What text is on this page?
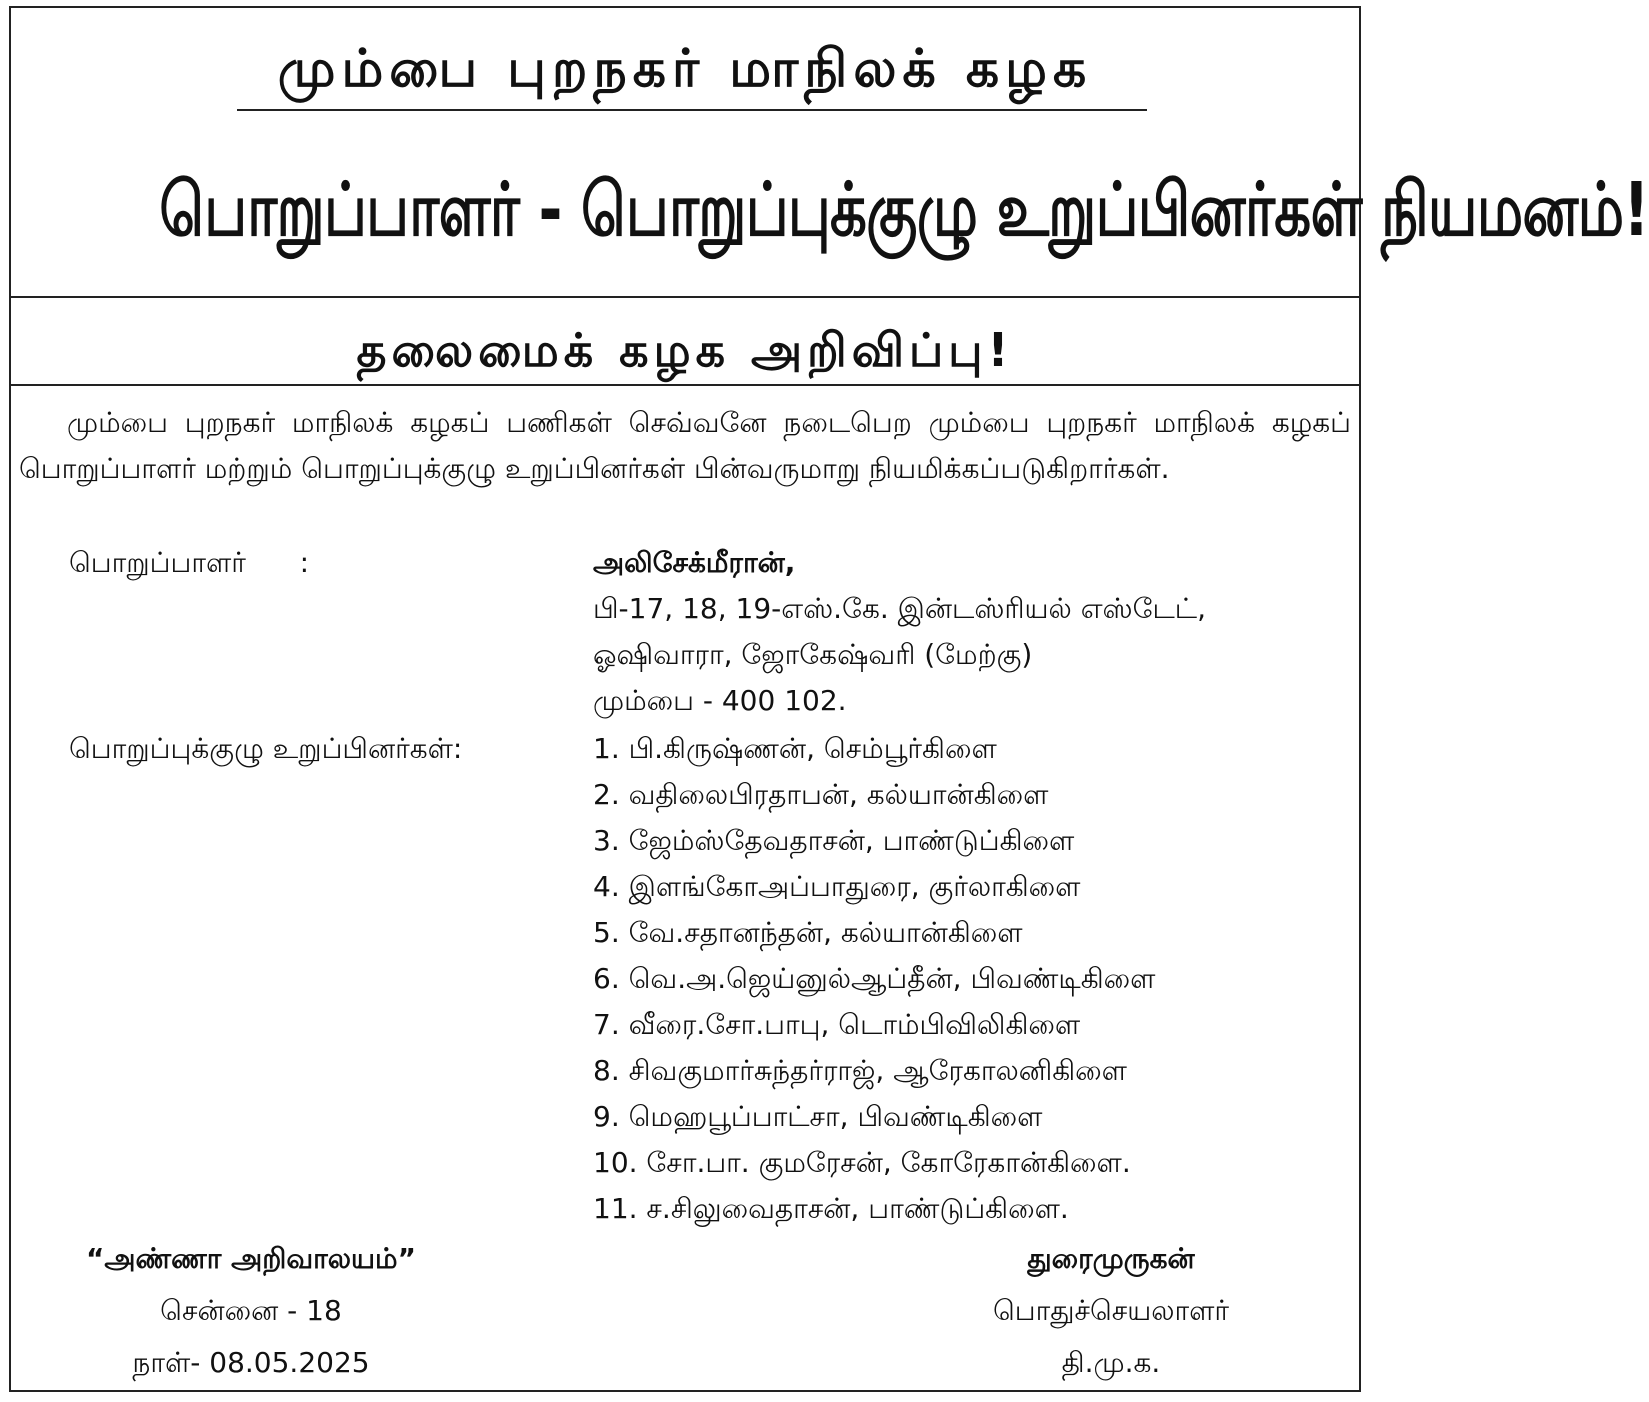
மும்பை புறநகர் மாநிலக் கழக
பொறுப்பாளர் - பொறுப்புக்குழு உறுப்பினர்கள் நியமனம்!
தலைமைக் கழக அறிவிப்பு!
மும்பை புறநகர் மாநிலக் கழகப் பணிகள் செவ்வனே நடைபெற மும்பை புறநகர் மாநிலக் கழகப் பொறுப்பாளர் மற்றும் பொறுப்புக்குழு உறுப்பினர்கள் பின்வருமாறு நியமிக்கப்படுகிறார்கள்.
பொறுப்பாளர் :	அலிசேக்மீரான்,
பி-17, 18, 19-எஸ்.கே. இன்டஸ்ரியல் எஸ்டேட்,
ஓஷிவாரா, ஜோகேஷ்வரி (மேற்கு)
மும்பை - 400 102.
பொறுப்புக்குழு உறுப்பினர்கள்:	1. பி.கிருஷ்ணன், செம்பூர்கிளை
2. வதிலைபிரதாபன், கல்யான்கிளை
3. ஜேம்ஸ்தேவதாசன், பாண்டுப்கிளை
4. இளங்கோஅப்பாதுரை, குர்லாகிளை
5. வே.சதானந்தன், கல்யான்கிளை
6. வெ.அ.ஜெய்னுல்ஆப்தீன், பிவண்டிகிளை
7. வீரை.சோ.பாபு, டொம்பிவிலிகிளை
8. சிவகுமார்சுந்தர்ராஜ், ஆரேகாலனிகிளை
9. மெஹபூப்பாட்சா, பிவண்டிகிளை
10. சோ.பா. குமரேசன், கோரேகான்கிளை.
11. ச.சிலுவைதாசன், பாண்டுப்கிளை.
“அண்ணா அறிவாலயம்”
சென்னை - 18
நாள்- 08.05.2025
துரைமுருகன்
பொதுச்செயலாளர்
தி.மு.க.
